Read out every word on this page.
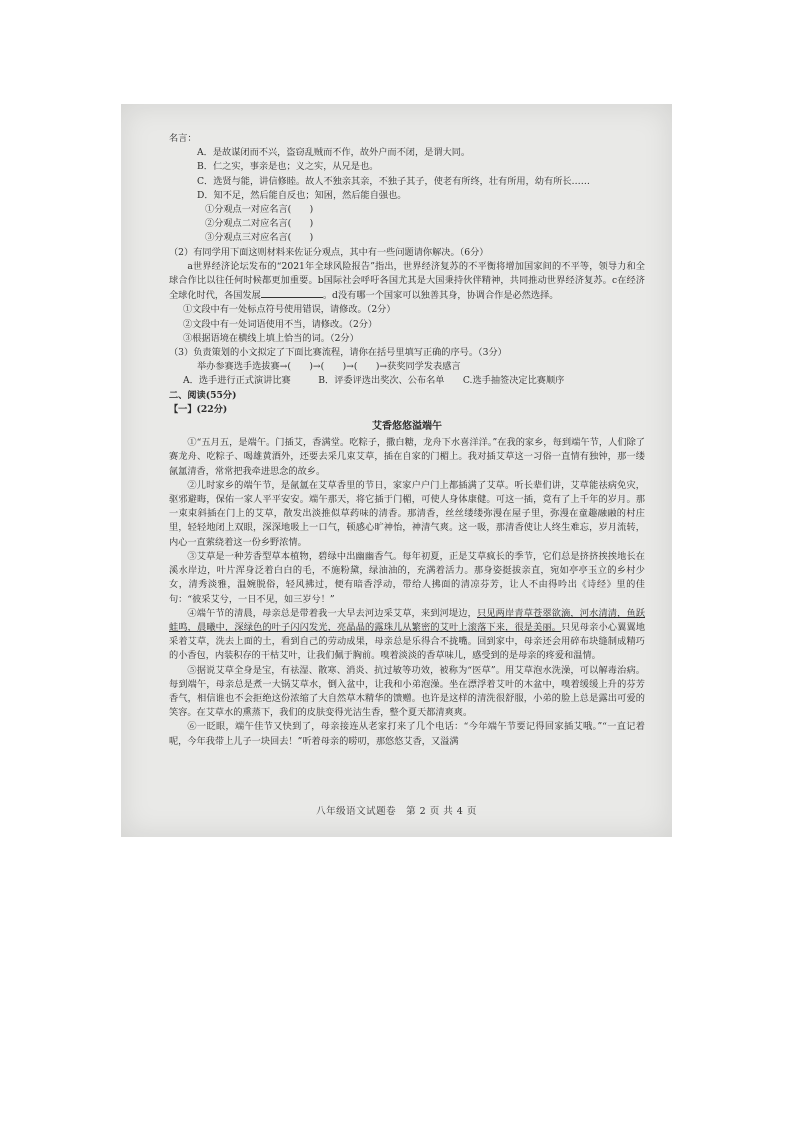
名言：
A．是故谋闭而不兴，盗窃乱贼而不作，故外户而不闭，是谓大同。
B．仁之实，事亲是也；义之实，从兄是也。
C．选贤与能，讲信修睦。故人不独亲其亲，不独子其子，使老有所终，壮有所用，幼有所长……
D．知不足，然后能自反也；知困，然后能自强也。
①分观点一对应名言(　　)
②分观点二对应名言(　　)
③分观点三对应名言(　　)
（2）有同学用下面这则材料来佐证分观点，其中有一些问题请你解决。（6分）

a世界经济论坛发布的“2021年全球风险报告”指出，世界经济复苏的不平衡将增加国家间的不平等，领导力和全球合作比以往任何时候都更加重要。b国际社会呼吁各国尤其是大国秉持伙伴精神，共同推动世界经济复苏。c在经济全球化时代，各国发展	。d没有哪一个国家可以独善其身，协调合作是必然选择。

①文段中有一处标点符号使用错误，请修改。（2分）
②文段中有一处词语使用不当，请修改。（2分）
③根据语境在横线上填上恰当的词。（2分）
（3）负责策划的小文拟定了下面比赛流程，请你在括号里填写正确的序号。（3分）
举办参赛选手选拔赛→(　　)→(　　)→(　　)→获奖同学发表感言
A．选手进行正式演讲比赛　　　	B．评委评选出奖次、公布名单　　 C.选手抽签决定比赛顺序
二、阅读(55分)
【一】(22分)
艾香悠悠溢端午

①“五月五，是端午。门插艾，香满堂。吃粽子，撒白糖，龙舟下水喜洋洋。”在我的家乡，每到端午节，人们除了赛龙舟、吃粽子、喝雄黄酒外，还要去采几束艾草，插在自家的门楣上。我对插艾草这一习俗一直情有独钟，那一缕氤氲清香，常常把我牵进思念的故乡。

②儿时家乡的端午节，是氤氲在艾草香里的节日，家家户户门上都插满了艾草。听长辈们讲，艾草能祛病免灾，驱邪避晦，保佑一家人平平安安。端午那天，将它插于门楣，可使人身体康健。可这一插，竟有了上千年的岁月。那一束束斜插在门上的艾草，散发出淡推似草药味的清香。那清香，丝丝缕缕弥漫在屋子里，弥漫在童趣融融的村庄里，轻轻地闭上双眼，深深地吸上一口气，顿感心旷神怡，神清气爽。这一吸，那清香使让人终生难忘，岁月流转，内心一直萦绕着这一份乡野浓情。

③艾草是一种芳香型草本植物，碧绿中出幽幽香气。每年初夏，正是艾草疯长的季节，它们总是挤挤挨挨地长在溪水岸边，叶片浑身泛着白白的毛，不施粉黛，绿油油的，充满着活力。那身姿挺拔亲直，宛如亭亭玉立的乡村少女，清秀淡雅，温婉脱俗，轻风拂过，便有暗香浮动，带给人拂面的清凉芬芳，让人不由得吟出《诗经》里的佳句：“彼采艾兮，一日不见，如三岁兮！”

④端午节的清晨，母亲总是带着我一大早去河边采艾草，来到河堤边，只见两岸青草苍翠欲滴，河水清清，鱼跃蛙鸣，晨曦中，深绿色的叶子闪闪发光，亮晶晶的露珠儿从繁密的艾叶上滚落下来，很是美丽。只见母亲小心翼翼地采着艾草，洗去上面的土，看到自己的劳动成果，母亲总是乐得合不拢嘴。回到家中，母亲还会用碎布块缝制成精巧的小香包，内装积存的干枯艾叶，让我们佩于胸前。嗅着淡淡的香草味儿，感受到的是母亲的疼爱和温情。

⑤据说艾草全身是宝，有祛湿、散寒、消炎、抗过敏等功效，被称为“医草”。用艾草泡水洗澡，可以解毒治病。每到端午，母亲总是煮一大锅艾草水，倒入盆中，让我和小弟泡澡。坐在漂浮着艾叶的木盆中，嗅着缓缓上升的芬芳香气，相信谁也不会拒绝这份浓缩了大自然草木精华的馈赠。也许是这样的清洗很舒服，小弟的脸上总是露出可爱的笑容。在艾草水的熏蒸下，我们的皮肤变得光洁生香，整个夏天都清爽爽。

⑥一眨眼，端午佳节又快到了，母亲接连从老家打来了几个电话：“今年端午节要记得回家插艾哦。”“一直记着呢，今年我带上儿子一块回去！”听着母亲的唠叨，那悠悠艾香，又溢满

八年级语文试题卷　第 2 页 共 4 页
